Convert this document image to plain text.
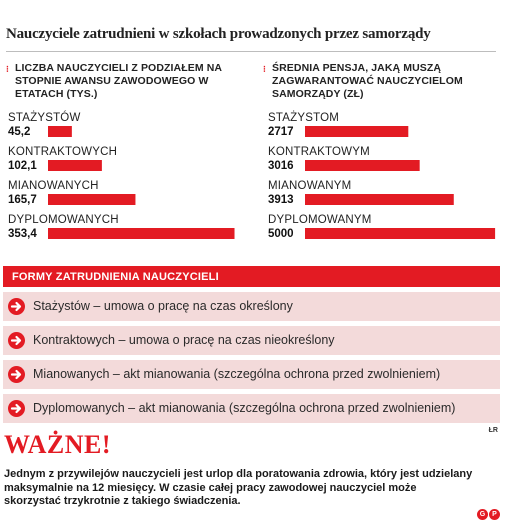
Nauczyciele zatrudnieni w szkołach prowadzonych przez samorządy
⁝ LICZBA NAUCZYCIELI Z PODZIAŁEM NA STOPNIE AWANSU ZAWODOWEGO W ETATACH (TYS.)
⁝ ŚREDNIA PENSJA, JAKĄ MUSZĄ ZAGWARANTOWAĆ NAUCZYCIELOM SAMORZĄDY (ZŁ)
STAŻYSTÓW
45,2
KONTRAKTOWYCH
102,1
MIANOWANYCH
165,7
DYPLOMOWANYCH
353,4
STAŻYSTOM
2717
KONTRAKTOWYM
3016
MIANOWANYM
3913
DYPLOMOWANYM
5000
FORMY ZATRUDNIENIA NAUCZYCIELI
Stażystów – umowa o pracę na czas określony
Kontraktowych – umowa o pracę na czas nieokreślony
Mianowanych – akt mianowania (szczególna ochrona przed zwolnieniem)
Dyplomowanych – akt mianowania (szczególna ochrona przed zwolnieniem)
ŁR
WAŻNE!
Jednym z przywilejów nauczycieli jest urlop dla poratowania zdrowia, który jest udzielany maksymalnie na 12 miesięcy. W czasie całej pracy zawodowej nauczyciel może skorzystać trzykrotnie z takiego świadczenia.
G P
